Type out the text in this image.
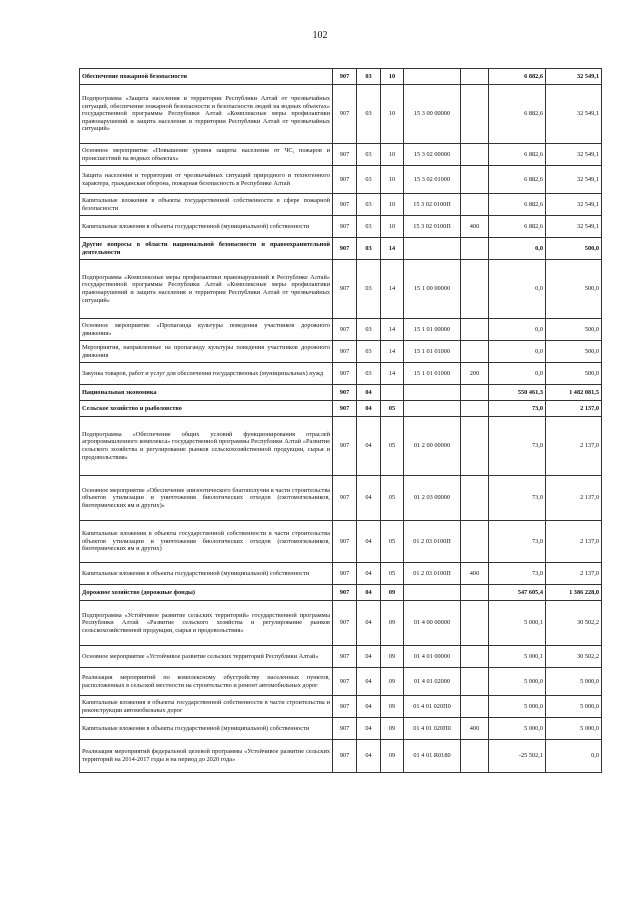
102
Обеспечение пожарной безопасности	907	03	10			6 882,6	32 549,1
Подпрограмма «Защита населения и территории Республики Алтай от чрезвычайных ситуаций, обеспечение пожарной безопасности и безопасности людей на водных объектах» государственной программы Республики Алтай «Комплексные меры профилактики правонарушений и защита населения и территории Республики Алтай от чрезвычайных ситуаций»	907	03	10	15 3 00 00000		6 882,6	32 549,1
Основное мероприятие «Повышение уровня защиты населения от ЧС, пожаров и происшествий на водных объектах»	907	03	10	15 3 02 00000		6 882,6	32 549,1
Защита населения и территории от чрезвычайных ситуаций природного и техногенного характера, гражданская оборона, пожарная безопасность в Республике Алтай	907	03	10	15 3 02 01000		6 882,6	32 549,1
Капитальные вложения в объекты государственной собственности в сфере пожарной безопасности	907	03	10	15 3 02 0100П		6 882,6	32 549,1
Капитальные вложения в объекты государственной (муниципальной) собственности	907	03	10	15 3 02 0100П	400	6 882,6	32 549,1
Другие вопросы в области национальной безопасности и правоохранительной деятельности	907	03	14			0,0	500,0
Подпрограмма «Комплексные меры профилактики правонарушений в Республике Алтай» государственной программы Республики Алтай «Комплексные меры профилактики правонарушений и защита населения и территории Республики Алтай от чрезвычайных ситуаций»	907	03	14	15 1 00 00000		0,0	500,0
Основное мероприятие «Пропаганда культуры поведения участников дорожного движения»	907	03	14	15 1 01 00000		0,0	500,0
Мероприятия, направленные на пропаганду культуры поведения участников дорожного движения	907	03	14	15 1 01 01000		0,0	500,0
Закупка товаров, работ и услуг для обеспечения государственных (муниципальных) нужд	907	03	14	15 1 01 01000	200	0,0	500,0
Национальная экономика	907	04				550 461,3	1 482 081,5
Сельское хозяйство и рыболовство	907	04	05			73,0	2 137,0
Подпрограмма «Обеспечение общих условий функционирования отраслей агропромышленного комплекса» государственной программы Республики Алтай «Развитие сельского хозяйства и регулирование рынков сельскохозяйственной продукции, сырья и продовольствия»	907	04	05	01 2 00 00000		73,0	2 137,0
Основное мероприятие «Обеспечение эпизоотического благополучия в части строительства объектов утилизации и уничтожения биологических отходов (скотомогильников, биотермических ям и других)»	907	04	05	01 2 03 00000		73,0	2 137,0
Капитальные вложения в объекты государственной собственности в части строительства объектов утилизации и уничтожения биологических отходов (скотомогильников, биотермических ям и других)	907	04	05	01 2 03 0100П		73,0	2 137,0
Капитальные вложения в объекты государственной (муниципальной) собственности	907	04	05	01 2 03 0100П	400	73,0	2 137,0
Дорожное хозяйство (дорожные фонды)	907	04	09			547 605,4	1 386 228,0
Подпрограмма «Устойчивое развитие сельских территорий» государственной программы Республики Алтай «Развитие сельского хозяйства и регулирование рынков сельскохозяйственной продукции, сырья и продовольствия»	907	04	09	01 4 00 00000		5 000,1	30 502,2
Основное мероприятие «Устойчивое развитие сельских территорий Республики Алтай»	907	04	09	01 4 01 00000		5 000,1	30 502,2
Реализация мероприятий по комплексному обустройству населенных пунктов, расположенных в сельской местности на строительство и ремонт автомобильных дорог	907	04	09	01 4 01 02000		5 000,0	5 000,0
Капитальные вложения в объекты государственной собственности в части строительства и реконструкции автомобильных дорог	907	04	09	01 4 01 020П0		5 000,0	5 000,0
Капитальные вложения в объекты государственной (муниципальной) собственности	907	04	09	01 4 01 020П0	400	5 000,0	5 000,0
Реализация мероприятий федеральной целевой программы «Устойчивое развитие сельских территорий на 2014-2017 годы и на период до 2020 года»	907	04	09	01 4 01 R0180		-25 502,1	0,0
